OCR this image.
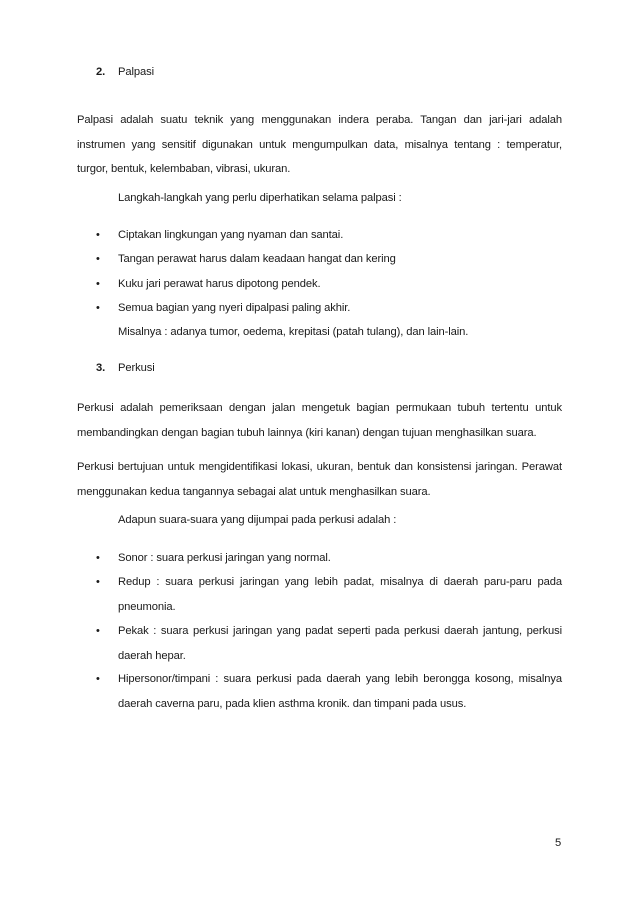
2. Palpasi

Palpasi adalah suatu teknik yang menggunakan indera peraba. Tangan dan jari-jari adalah instrumen yang sensitif digunakan untuk mengumpulkan data, misalnya tentang : temperatur, turgor, bentuk, kelembaban, vibrasi, ukuran.

Langkah-langkah yang perlu diperhatikan selama palpasi :
• Ciptakan lingkungan yang nyaman dan santai.
• Tangan perawat harus dalam keadaan hangat dan kering
• Kuku jari perawat harus dipotong pendek.
• Semua bagian yang nyeri dipalpasi paling akhir.
Misalnya : adanya tumor, oedema, krepitasi (patah tulang), dan lain-lain.
3. Perkusi

Perkusi adalah pemeriksaan dengan jalan mengetuk bagian permukaan tubuh tertentu untuk membandingkan dengan bagian tubuh lainnya (kiri kanan) dengan tujuan menghasilkan suara.

Perkusi bertujuan untuk mengidentifikasi lokasi, ukuran, bentuk dan konsistensi jaringan. Perawat menggunakan kedua tangannya sebagai alat untuk menghasilkan suara.

Adapun suara-suara yang dijumpai pada perkusi adalah :
• Sonor : suara perkusi jaringan yang normal.
• Redup : suara perkusi jaringan yang lebih padat, misalnya di daerah paru-paru pada pneumonia.
• Pekak : suara perkusi jaringan yang padat seperti pada perkusi daerah jantung, perkusi daerah hepar.
• Hipersonor/timpani : suara perkusi pada daerah yang lebih berongga kosong, misalnya daerah caverna paru, pada klien asthma kronik. dan timpani pada usus.
5
